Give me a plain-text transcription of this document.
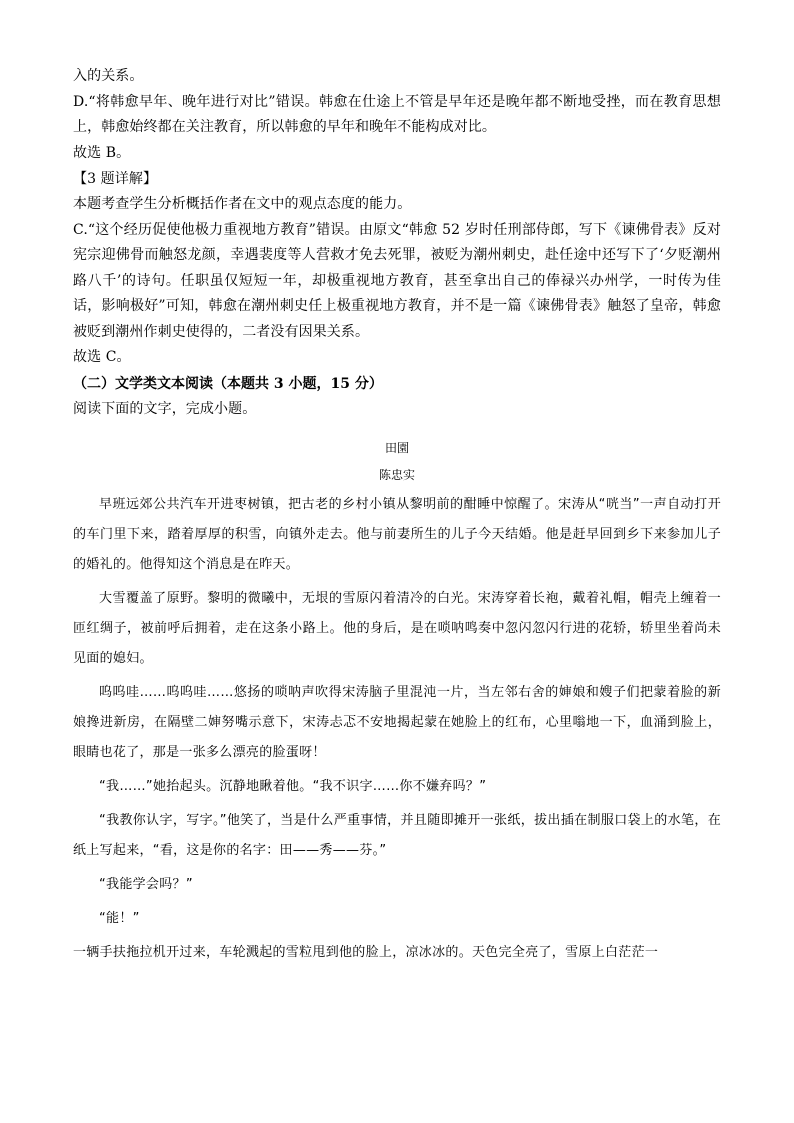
入的关系。

D.“将韩愈早年、晚年进行对比”错误。韩愈在仕途上不管是早年还是晚年都不断地受挫，而在教育思想上，韩愈始终都在关注教育，所以韩愈的早年和晚年不能构成对比。

故选 B。

【3 题详解】

本题考查学生分析概括作者在文中的观点态度的能力。

C.“这个经历促使他极力重视地方教育”错误。由原文“韩愈 52 岁时任刑部侍郎，写下《谏佛骨表》反对宪宗迎佛骨而触怒龙颜，幸遇裴度等人营救才免去死罪，被贬为潮州刺史，赴任途中还写下了‘夕贬潮州路八千’的诗句。任职虽仅短短一年，却极重视地方教育，甚至拿出自己的俸禄兴办州学，一时传为佳话，影响极好”可知，韩愈在潮州刺史任上极重视地方教育，并不是一篇《谏佛骨表》触怒了皇帝，韩愈被贬到潮州作刺史使得的，二者没有因果关系。

故选 C。

（二）文学类文本阅读（本题共 3 小题，15 分）

阅读下面的文字，完成小题。

田園

陈忠实

早班远郊公共汽车开进枣树镇，把古老的乡村小镇从黎明前的酣睡中惊醒了。宋涛从“咣当”一声自动打开的车门里下来，踏着厚厚的积雪，向镇外走去。他与前妻所生的儿子今天结婚。他是赶早回到乡下来参加儿子的婚礼的。他得知这个消息是在昨天。

大雪覆盖了原野。黎明的微曦中，无垠的雪原闪着清冷的白光。宋涛穿着长袍，戴着礼帽，帽壳上缠着一匝红绸子，被前呼后拥着，走在这条小路上。他的身后，是在唢呐鸣奏中忽闪忽闪行进的花轿，轿里坐着尚未见面的媳妇。

呜呜哇……呜呜哇……悠扬的唢呐声吹得宋涛脑子里混沌一片，当左邻右舍的婶娘和嫂子们把蒙着脸的新娘搀进新房，在隔壁二婶努嘴示意下，宋涛忐忑不安地揭起蒙在她脸上的红布，心里嗡地一下，血涌到脸上，眼睛也花了，那是一张多么漂亮的脸蛋呀！

“我……”她抬起头。沉静地瞅着他。“我不识字……你不嫌弃吗？”

“我教你认字，写字。”他笑了，当是什么严重事情，并且随即摊开一张纸，拔出插在制服口袋上的水笔，在纸上写起来，“看，这是你的名字：田——秀——芬。”

“我能学会吗？”

“能！”

一辆手扶拖拉机开过来，车轮溅起的雪粒甩到他的脸上，凉冰冰的。天色完全亮了，雪原上白茫茫一
